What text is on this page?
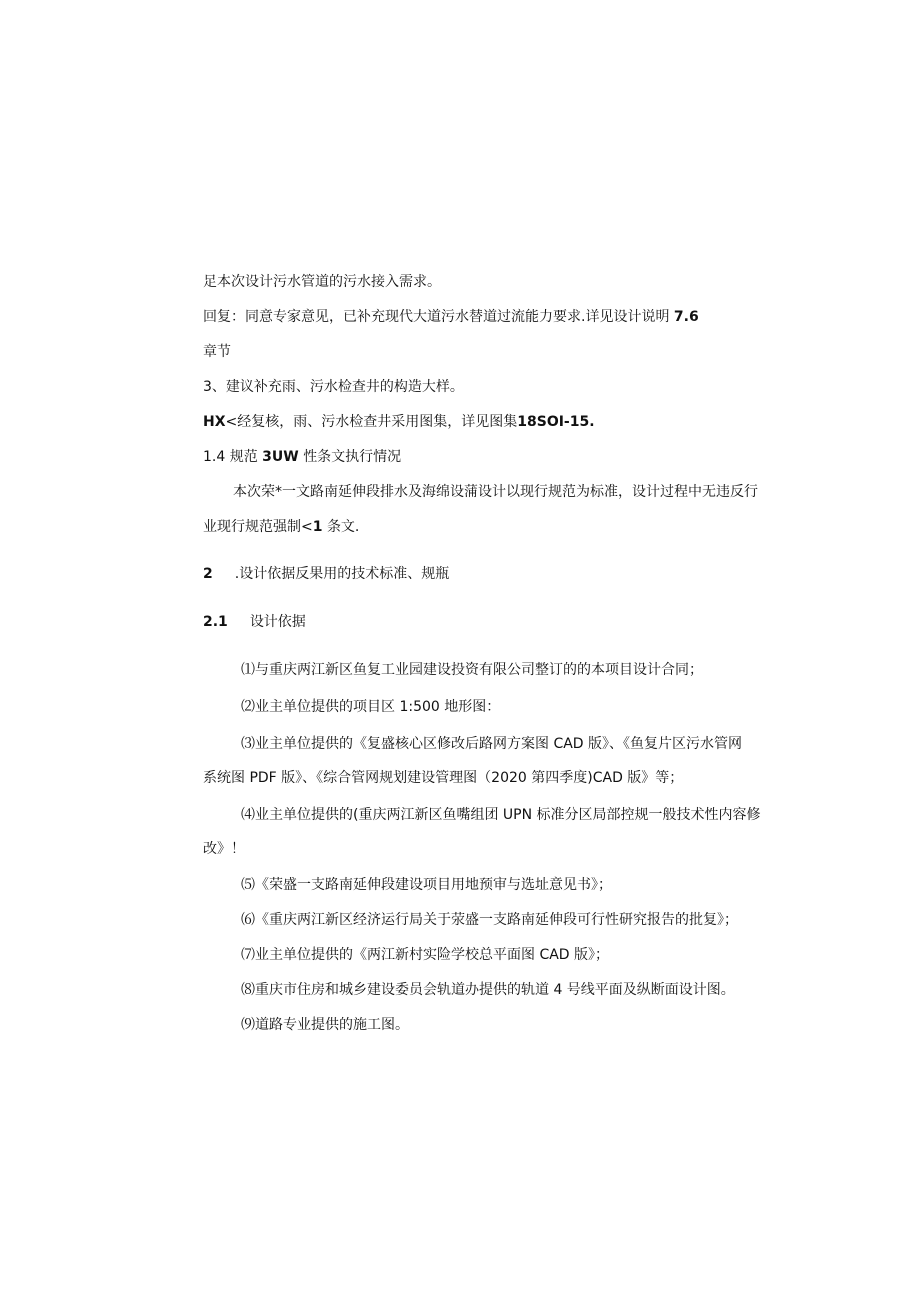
足本次设计污水管道的污水接入需求。
回复：同意专家意见，已补充现代大道污水替道过流能力要求.详见设计说明 7.6
章节
3、建议补充雨、污水检查井的构造大样。
HX<经复核，雨、污水检查井采用图集，详见图集18SOI-15.
1.4 规范 3UW 性条文执行情况
本次荣*一文路南延伸段排水及海绵设蒲设计以现行规范为标准，设计过程中无违反行
业现行规范强制<1 条文.
2 .设计依据反果用的技术标准、规瓶
2.1 设计依据
⑴与重庆两江新区鱼复工业园建设投资有限公司整订的的本项目设计合同；
⑵业主单位提供的项目区 1:500 地形图：
⑶业主单位提供的《复盛核心区修改后路网方案图 CAD 版》、《鱼复片区污水管网
系统图 PDF 版》、《综合管网规划建设管理图（2020 第四季度)CAD 版》等；
⑷业主单位提供的(重庆两江新区鱼嘴组团 UPN 标准分区局部控规一般技术性内容修
改》！
⑸《荣盛一支路南延伸段建设项目用地预审与选址意见书》；
⑹《重庆两江新区经济运行局关于荥盛一支路南延伸段可行性研究报告的批复》；
⑺业主单位提供的《两江新村实险学校总平面图 CAD 版》；
⑻重庆市住房和城乡建设委员会轨道办提供的轨道 4 号线平面及纵断面设计图。
⑼道路专业提供的施工图。
